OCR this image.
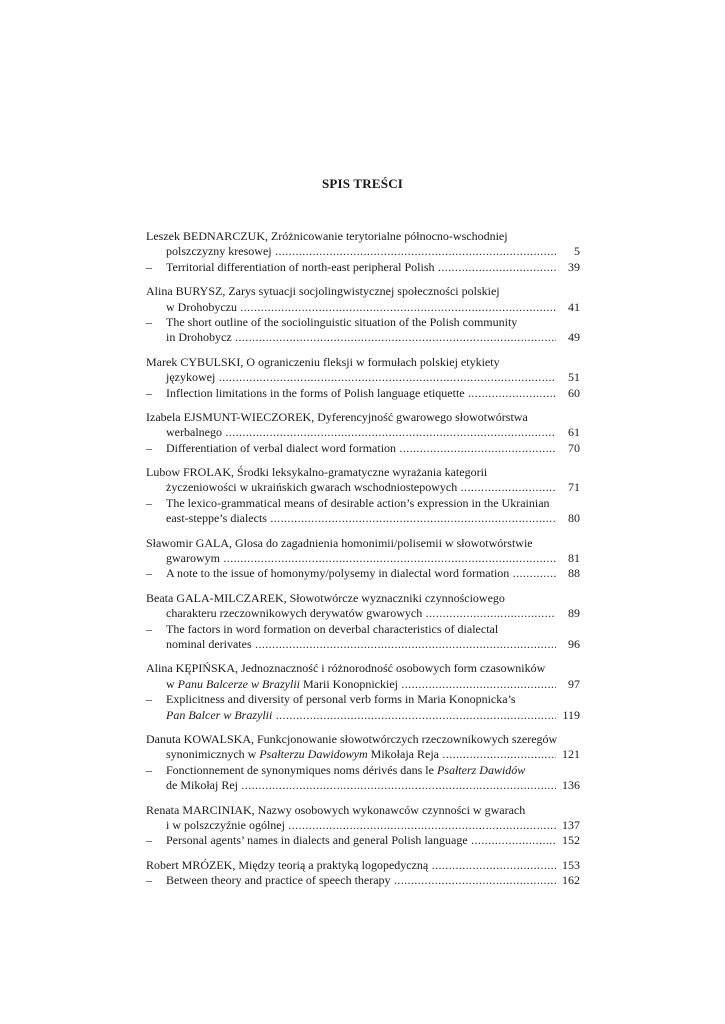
SPIS TREŚCI
Leszek BEDNARCZUK, Zróżnicowanie terytorialne północno-wschodniej
polszczyzny kresowej .....	5
–	Territorial differentiation of north-east peripheral Polish .....	39
Alina BURYSZ, Zarys sytuacji socjolingwistycznej społeczności polskiej
w Drohobyczu .....	41
–	The short outline of the sociolinguistic situation of the Polish community
in Drohobycz .....	49
Marek CYBULSKI, O ograniczeniu fleksji w formułach polskiej etykiety
językowej .....	51
–	Inflection limitations in the forms of Polish language etiquette .....	60
Izabela EJSMUNT-WIECZOREK, Dyferencyjność gwarowego słowotwórstwa
werbalnego .....	61
–	Differentiation of verbal dialect word formation .....	70
Lubow FROLAK, Środki leksykalno-gramatyczne wyrażania kategorii
życzeniowości w ukraińskich gwarach wschodniostepowych .....	71
–	The lexico-grammatical means of desirable action’s expression in the Ukrainian
east-steppe’s dialects .....	80
Sławomir GALA, Glosa do zagadnienia homonimii/polisemii w słowotwórstwie
gwarowym .....	81
–	A note to the issue of homonymy/polysemy in dialectal word formation .....	88
Beata GALA-MILCZAREK, Słowotwórcze wyznaczniki czynnościowego
charakteru rzeczownikowych derywatów gwarowych .....	89
–	The factors in word formation on deverbal characteristics of dialectal
nominal derivates .....	96
Alina KĘPIŃSKA, Jednoznaczność i różnorodność osobowych form czasowników
w Panu Balcerze w Brazylii Marii Konopnickiej .....	97
–	Explicitness and diversity of personal verb forms in Maria Konopnicka’s
Pan Balcer w Brazylii .....	119
Danuta KOWALSKA, Funkcjonowanie słowotwórczych rzeczownikowych szeregów
synonimicznych w Psałterzu Dawidowym Mikołaja Reja .....	121
–	Fonctionnement de synonymiques noms dérivés dans le Psałterz Dawidów
de Mikołaj Rej .....	136
Renata MARCINIAK, Nazwy osobowych wykonawców czynności w gwarach
i w polszczyźnie ogólnej .....	137
–	Personal agents’ names in dialects and general Polish language .....	152
Robert MRÓZEK, Między teorią a praktyką logopedyczną .....	153
–	Between theory and practice of speech therapy .....	162
